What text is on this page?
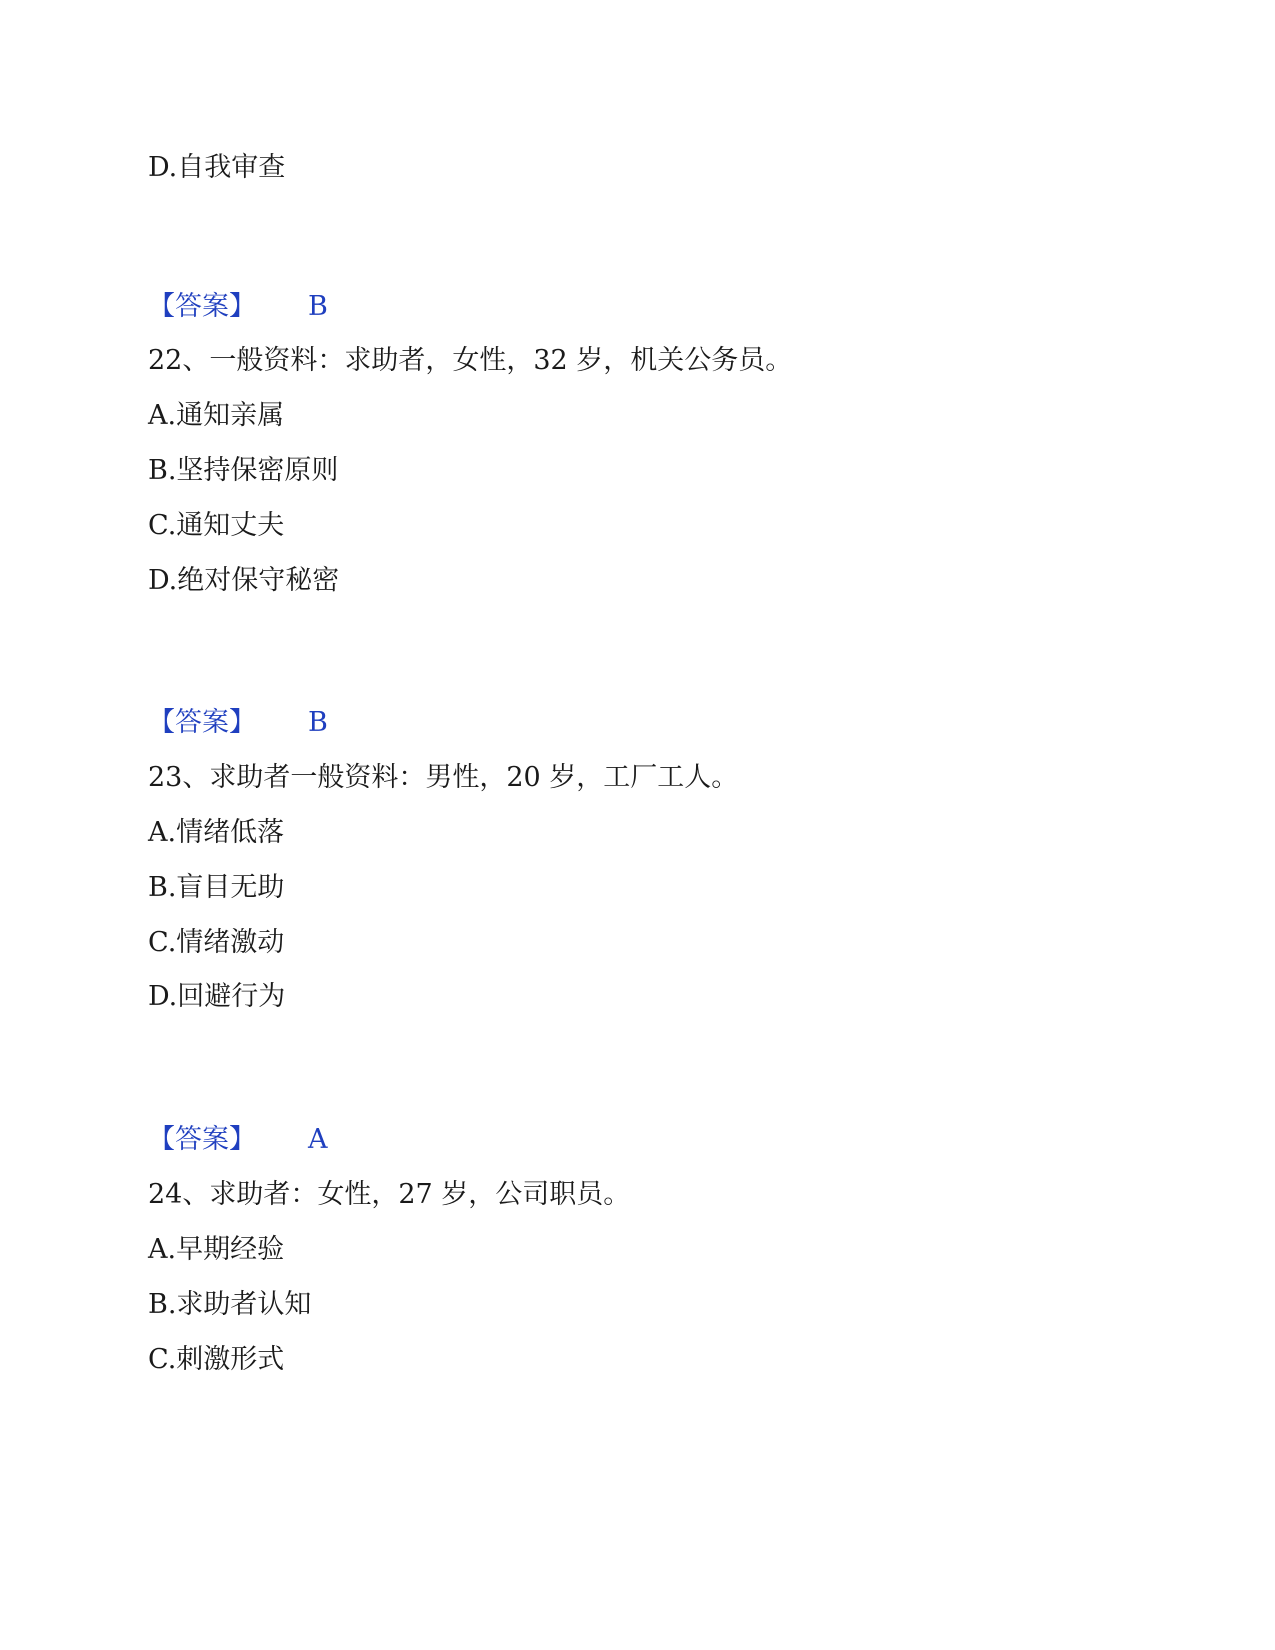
D.自我审查
【答案】 B
22、一般资料：求助者，女性，32 岁，机关公务员。
A.通知亲属
B.坚持保密原则
C.通知丈夫
D.绝对保守秘密
【答案】 B
23、求助者一般资料：男性，20 岁，工厂工人。
A.情绪低落
B.盲目无助
C.情绪激动
D.回避行为
【答案】 A
24、求助者：女性，27 岁，公司职员。
A.早期经验
B.求助者认知
C.刺激形式
